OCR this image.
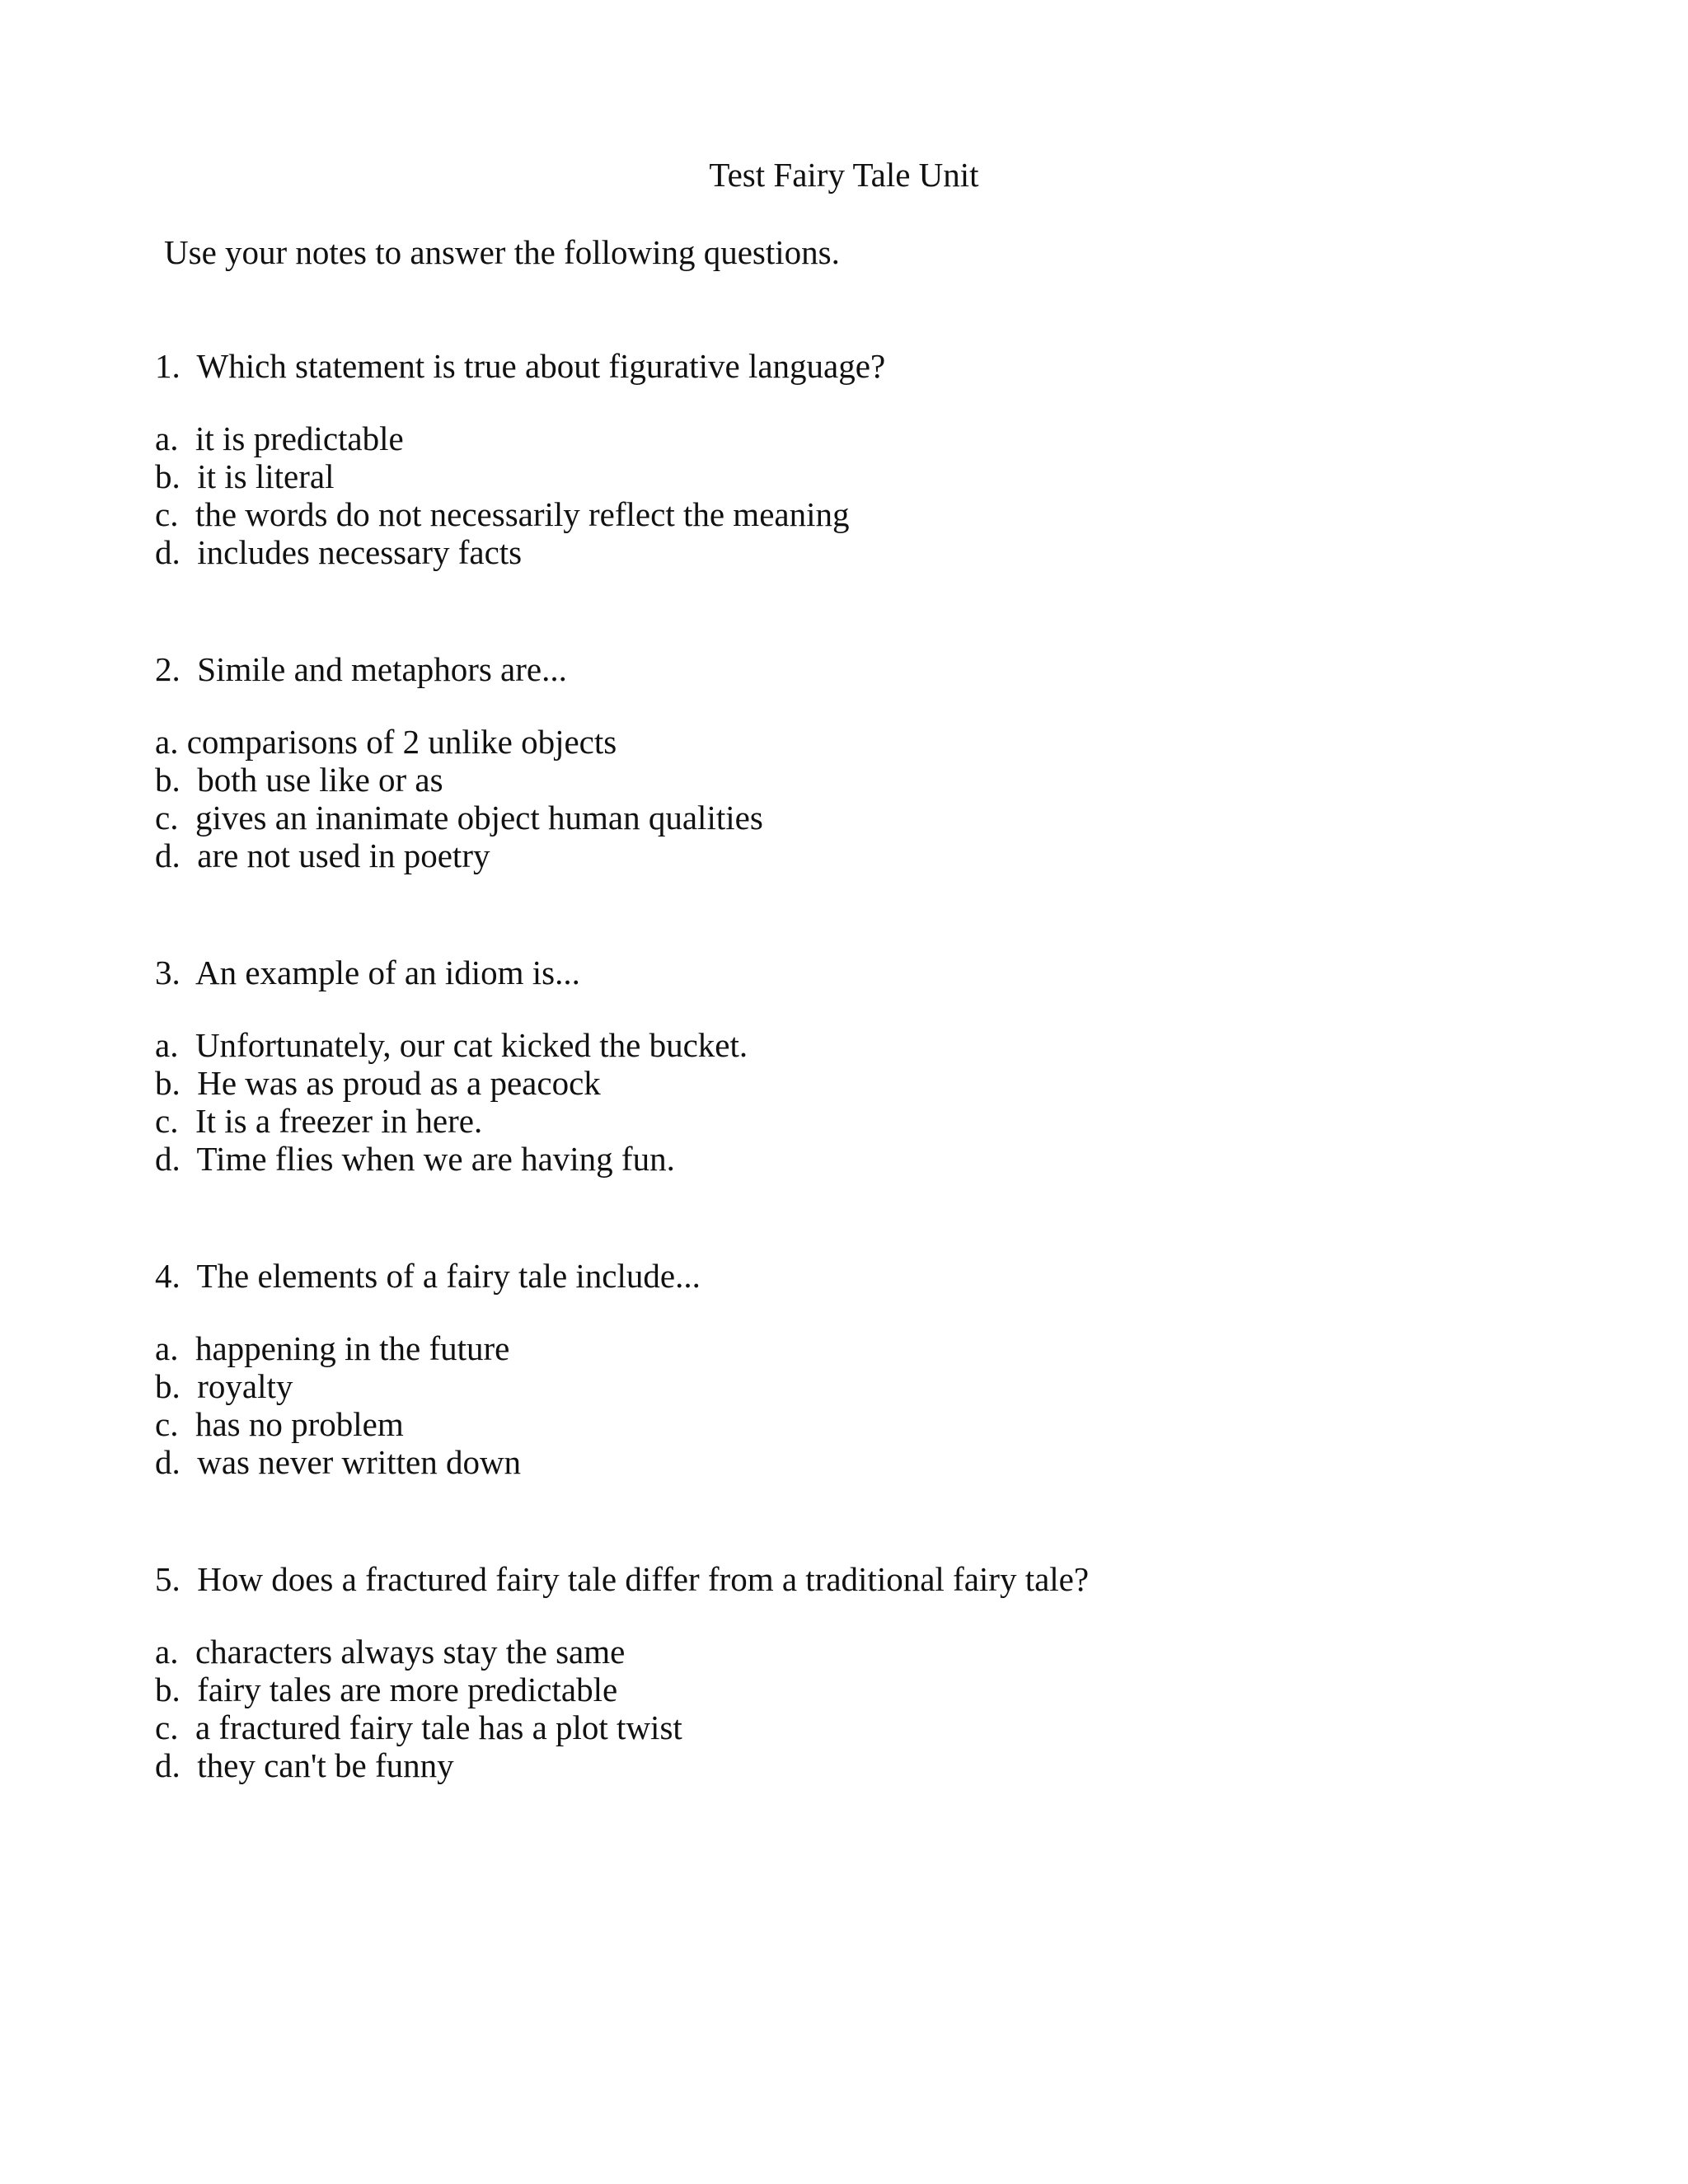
Test Fairy Tale Unit
Use your notes to answer the following questions.

1.  Which statement is true about figurative language?

a.  it is predictable
b.  it is literal
c.  the words do not necessarily reflect the meaning
d.  includes necessary facts

2.  Simile and metaphors are...

a. comparisons of 2 unlike objects
b.  both use like or as
c.  gives an inanimate object human qualities
d.  are not used in poetry

3.  An example of an idiom is...

a.  Unfortunately, our cat kicked the bucket.
b.  He was as proud as a peacock
c.  It is a freezer in here.
d.  Time flies when we are having fun.

4.  The elements of a fairy tale include...

a.  happening in the future
b.  royalty
c.  has no problem
d.  was never written down

5.  How does a fractured fairy tale differ from a traditional fairy tale?

a.  characters always stay the same
b.  fairy tales are more predictable
c.  a fractured fairy tale has a plot twist
d.  they can't be funny
